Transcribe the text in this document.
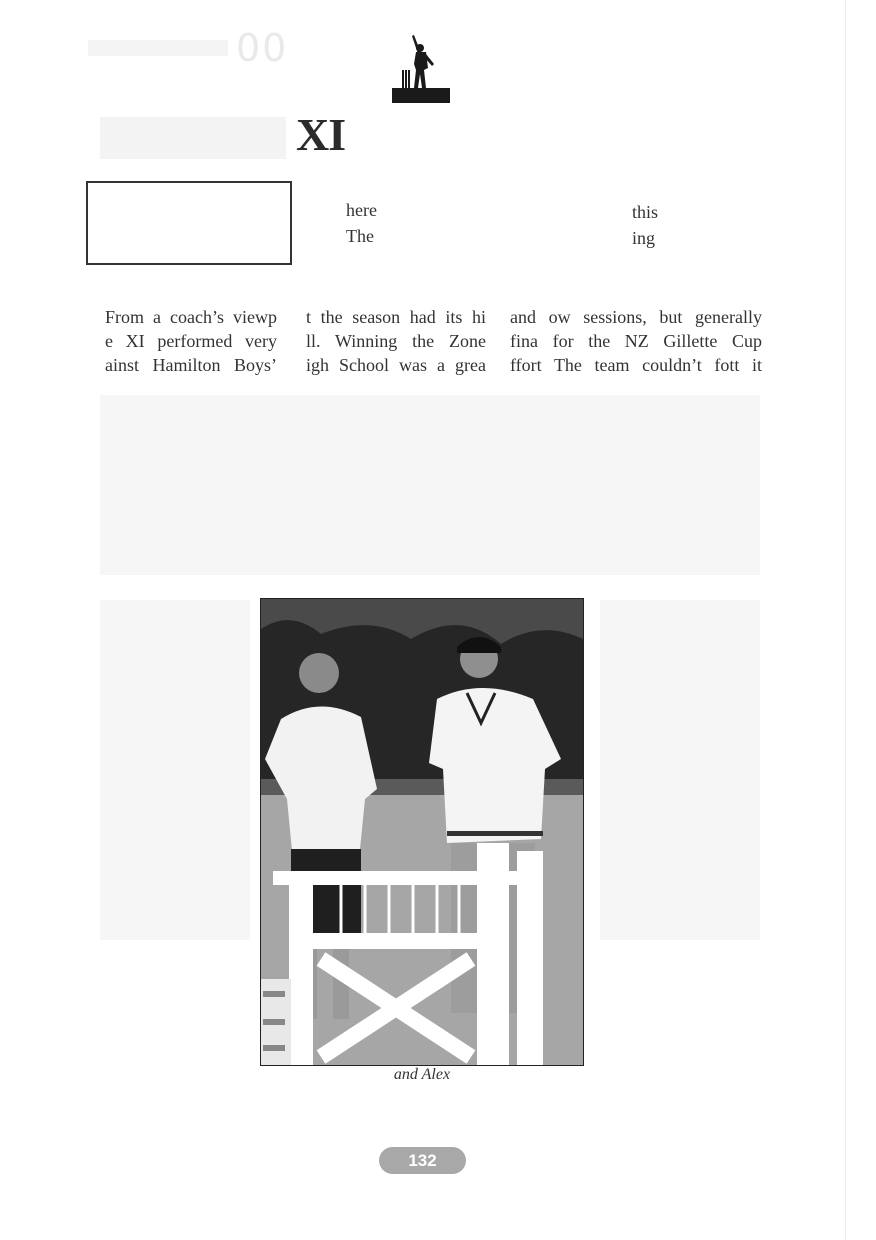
00
XI
here
The
this
ing
From a coach’s viewp
e XI performed very
ainst Hamilton Boys’
t the season had its hi
ll. Winning the Zone
igh School was a grea
and ow sessions, but generally
fina for the NZ Gillette Cup
ffort The team couldn’t fott it
and Alex
132
